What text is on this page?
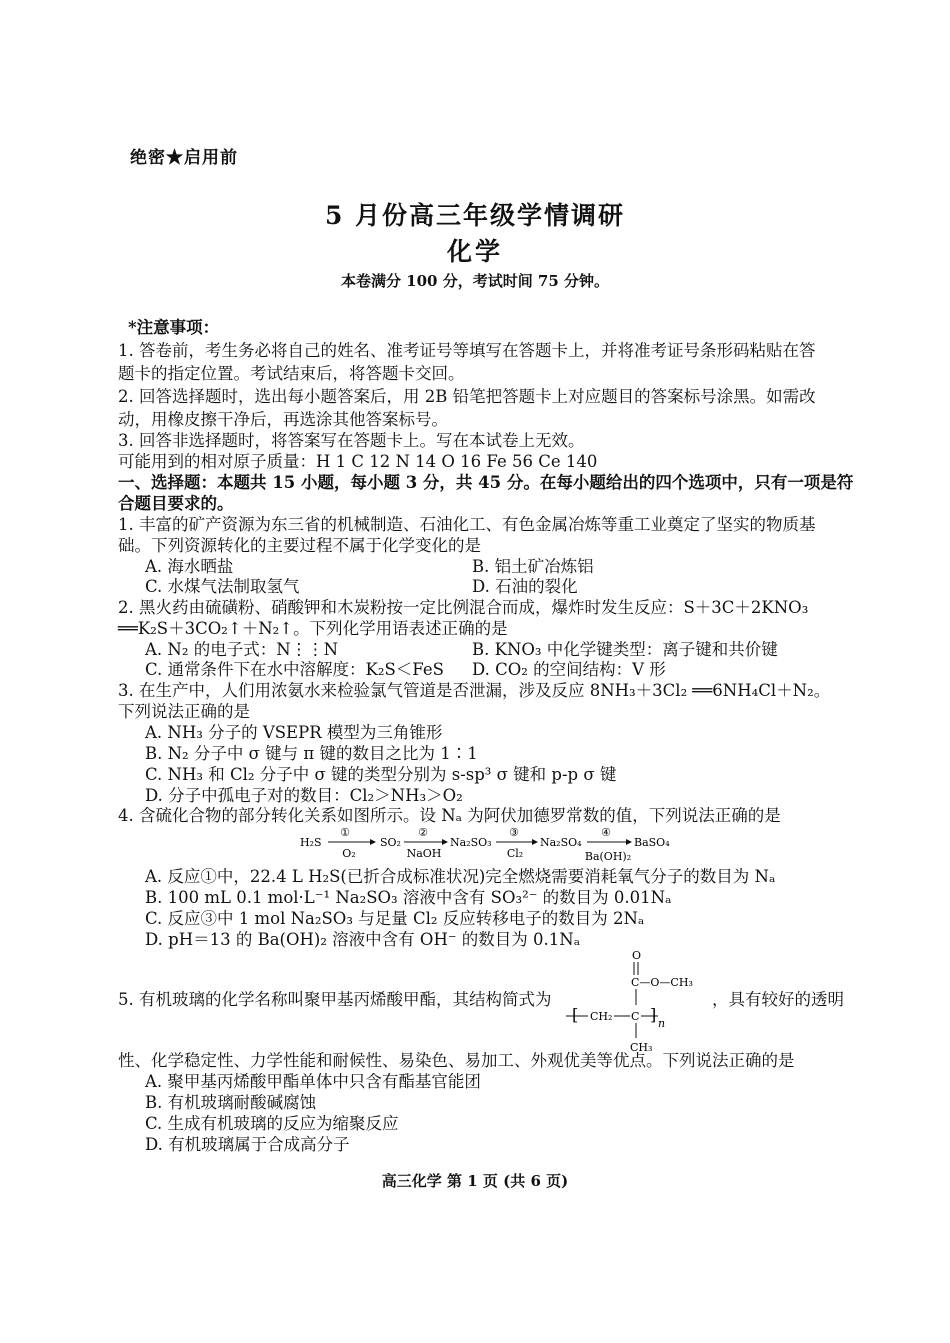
绝密★启用前
5 月份高三年级学情调研
化学
本卷满分 100 分，考试时间 75 分钟。
*注意事项：
1. 答卷前，考生务必将自己的姓名、准考证号等填写在答题卡上，并将准考证号条形码粘贴在答
题卡的指定位置。考试结束后，将答题卡交回。
2. 回答选择题时，选出每小题答案后，用 2B 铅笔把答题卡上对应题目的答案标号涂黑。如需改
动，用橡皮擦干净后，再选涂其他答案标号。
3. 回答非选择题时，将答案写在答题卡上。写在本试卷上无效。
可能用到的相对原子质量：H 1 C 12 N 14 O 16 Fe 56 Ce 140
一、选择题：本题共 15 小题，每小题 3 分，共 45 分。在每小题给出的四个选项中，只有一项是符
合题目要求的。
1. 丰富的矿产资源为东三省的机械制造、石油化工、有色金属冶炼等重工业奠定了坚实的物质基
础。下列资源转化的主要过程不属于化学变化的是
A. 海水晒盐	B. 铝土矿冶炼铝
C. 水煤气法制取氢气	D. 石油的裂化
2. 黑火药由硫磺粉、硝酸钾和木炭粉按一定比例混合而成，爆炸时发生反应：S＋3C＋2KNO₃
══K₂S＋3CO₂↑＋N₂↑。下列化学用语表述正确的是
A. N₂ 的电子式：N⋮⋮N	B. KNO₃ 中化学键类型：离子键和共价键
C. 通常条件下在水中溶解度：K₂S＜FeS D. CO₂ 的空间结构：V 形
3. 在生产中，人们用浓氨水来检验氯气管道是否泄漏，涉及反应 8NH₃＋3Cl₂ ══6NH₄Cl＋N₂。
下列说法正确的是
A. NH₃ 分子的 VSEPR 模型为三角锥形
B. N₂ 分子中 σ 键与 π 键的数目之比为 1∶1
C. NH₃ 和 Cl₂ 分子中 σ 键的类型分别为 s-sp³ σ 键和 p-p σ 键
D. 分子中孤电子对的数目：Cl₂＞NH₃＞O₂
4. 含硫化合物的部分转化关系如图所示。设 Nₐ 为阿伏加德罗常数的值，下列说法正确的是
H₂S
①
O₂
SO₂
②
NaOH
Na₂SO₃
③
Cl₂
Na₂SO₄
④
Ba(OH)₂
BaSO₄
A. 反应①中，22.4 L H₂S(已折合成标准状况)完全燃烧需要消耗氧气分子的数目为 Nₐ
B. 100 mL 0.1 mol·L⁻¹ Na₂SO₃ 溶液中含有 SO₃²⁻ 的数目为 0.01Nₐ
C. 反应③中 1 mol Na₂SO₃ 与足量 Cl₂ 反应转移电子的数目为 2Nₐ
D. pH＝13 的 Ba(OH)₂ 溶液中含有 OH⁻ 的数目为 0.1Nₐ
5. 有机玻璃的化学名称叫聚甲基丙烯酸甲酯，其结构简式为
O
C—O—CH₃
[ CH₂ C ] n
CH₃
，具有较好的透明
性、化学稳定性、力学性能和耐候性、易染色、易加工、外观优美等优点。下列说法正确的是
A. 聚甲基丙烯酸甲酯单体中只含有酯基官能团
B. 有机玻璃耐酸碱腐蚀
C. 生成有机玻璃的反应为缩聚反应
D. 有机玻璃属于合成高分子
高三化学 第 1 页 (共 6 页)
